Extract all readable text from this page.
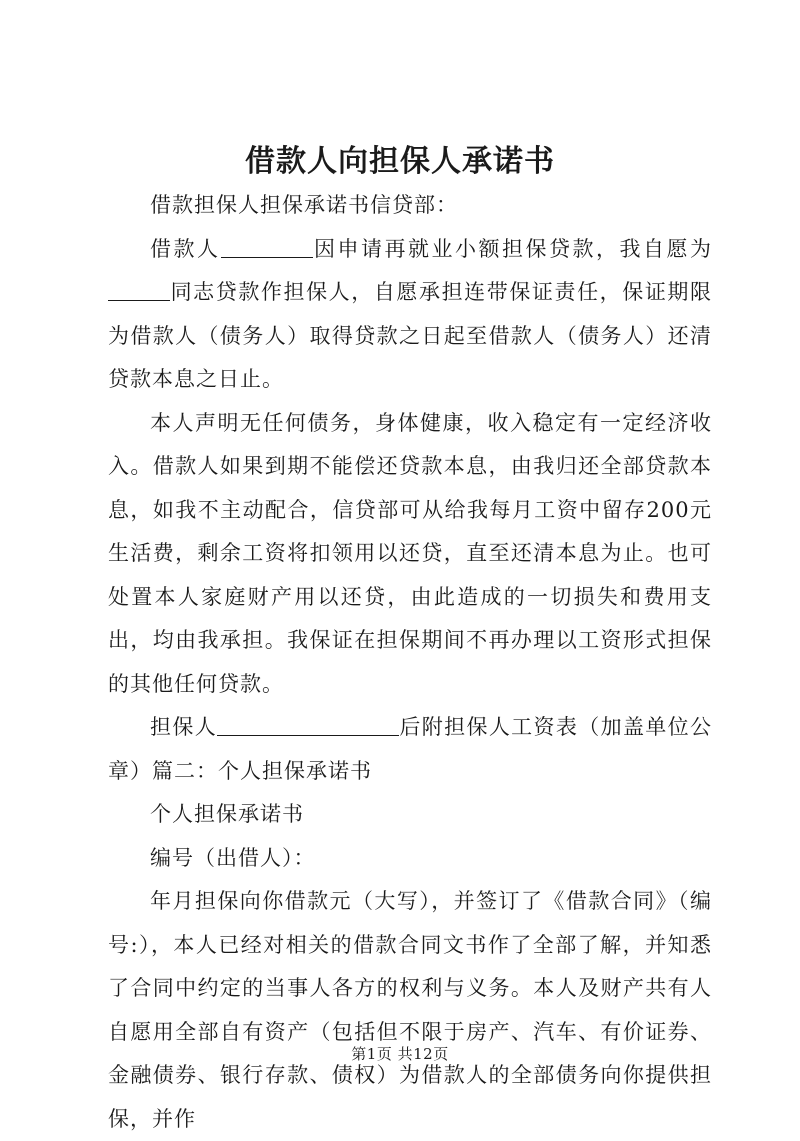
借款人向担保人承诺书

借款担保人担保承诺书信贷部：

借款人	因申请再就业小额担保贷款，我自愿为同志贷款作担保人，自愿承担连带保证责任，保证期限为借款人（债务人）取得贷款之日起至借款人（债务人）还清贷款本息之日止。

本人声明无任何债务，身体健康，收入稳定有一定经济收入。借款人如果到期不能偿还贷款本息，由我归还全部贷款本息，如我不主动配合，信贷部可从给我每月工资中留存200元生活费，剩余工资将扣领用以还贷，直至还清本息为止。也可处置本人家庭财产用以还贷，由此造成的一切损失和费用支出，均由我承担。我保证在担保期间不再办理以工资形式担保的其他任何贷款。

担保人	后附担保人工资表（加盖单位公章）篇二：个人担保承诺书

个人担保承诺书

编号（出借人）：

年月担保向你借款元（大写），并签订了《借款合同》（编号:），本人已经对相关的借款合同文书作了全部了解，并知悉了合同中约定的当事人各方的权利与义务。本人及财产共有人自愿用全部自有资产（包括但不限于房产、汽车、有价证券、金融债券、银行存款、债权）为借款人的全部债务向你提供担保，并作

第1页 共12页
